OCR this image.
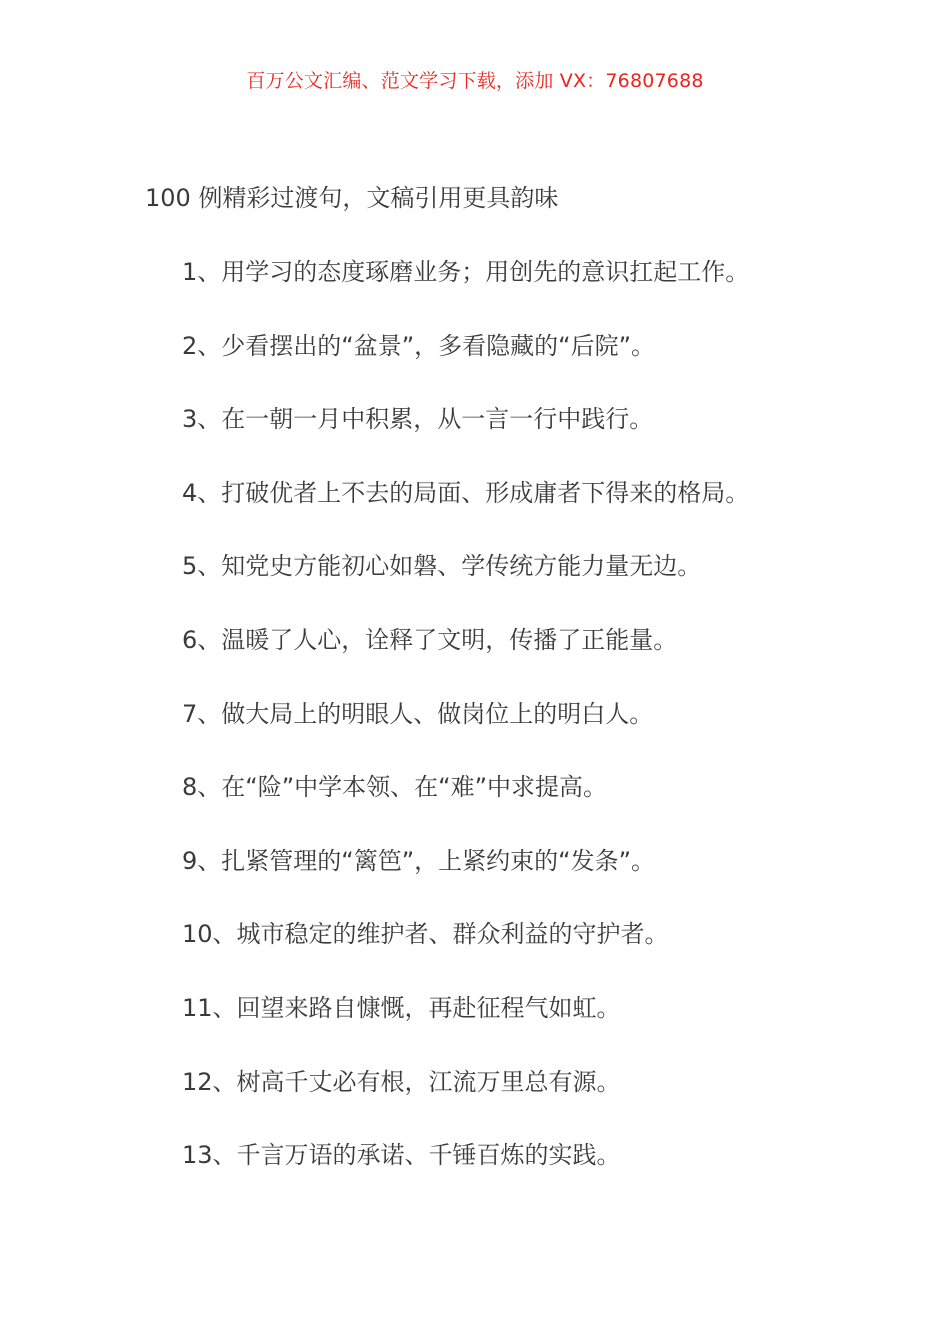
百万公文汇编、范文学习下载，添加 VX：76807688
100 例精彩过渡句，文稿引用更具韵味
1、用学习的态度琢磨业务；用创先的意识扛起工作。
2、少看摆出的“盆景”，多看隐藏的“后院”。
3、在一朝一月中积累，从一言一行中践行。
4、打破优者上不去的局面、形成庸者下得来的格局。
5、知党史方能初心如磐、学传统方能力量无边。
6、温暖了人心，诠释了文明，传播了正能量。
7、做大局上的明眼人、做岗位上的明白人。
8、在“险”中学本领、在“难”中求提高。
9、扎紧管理的“篱笆”，上紧约束的“发条”。
10、城市稳定的维护者、群众利益的守护者。
11、回望来路自慷慨，再赴征程气如虹。
12、树高千丈必有根，江流万里总有源。
13、千言万语的承诺、千锤百炼的实践。
